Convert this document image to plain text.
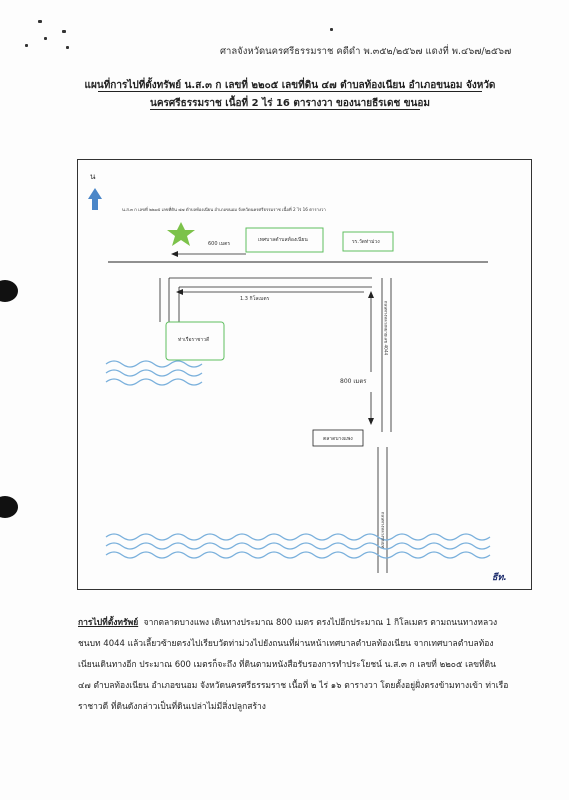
ศาลจังหวัดนครศรีธรรมราช คดีดำ พ.๓๕๒/๒๕๖๗ แดงที่ พ.๔๖๗/๒๕๖๗
แผนที่การไปที่ตั้งทรัพย์ น.ส.๓ ก เลขที่ ๒๒๐๕ เลขที่ดิน ๔๗ ตำบลท้องเนียน อำเภอขนอม จังหวัด
นครศรีธรรมราช เนื้อที่ 2 ไร่ 16 ตารางวา ของนายธีรเดช ขนอม
น
น.ส.๓ ก เลขที่ ๒๒๐๕ เลขที่ดิน ๔๗ ตำบลท้องเนียน อำเภอขนอม จังหวัดนครศรีธรรมราช เนื้อที่ 2 ไร่ 16 ตารางวา
600 เมตร
เทศบาลตำบลท้องเนียน	รร.วัดท่าม่วง
1.3 กิโลเมตร
ท่าเรือราชาวดี	ถนนทางหลวงหมายเลข 4044
800 เมตร
ตลาดบางแพง
ถนนทางหลวงชนบท
ธีท.
การไปที่ตั้งทรัพย์ จากตลาดบางแพง เดินทางประมาณ 800 เมตร ตรงไปอีกประมาณ 1 กิโลเมตร ตามถนนทางหลวง
ชนบท 4044 แล้วเลี้ยวซ้ายตรงไปเรียบวัดท่าม่วงไปยังถนนที่ผ่านหน้าเทศบาลตำบลท้องเนียน จากเทศบาลตำบลท้อง
เนียนเดินทางอีก ประมาณ 600 เมตรก็จะถึง ที่ดินตามหนังสือรับรองการทำประโยชน์ น.ส.๓ ก เลขที่ ๒๒๐๕ เลขที่ดิน
๔๗ ตำบลท้องเนียน อำเภอขนอม จังหวัดนครศรีธรรมราช เนื้อที่ ๒ ไร่ ๑๖ ตารางวา โดยตั้งอยู่ฝั่งตรงข้ามทางเข้า ท่าเรือ
ราชาวดี ที่ดินดังกล่าวเป็นที่ดินเปล่าไม่มีสิ่งปลูกสร้าง
